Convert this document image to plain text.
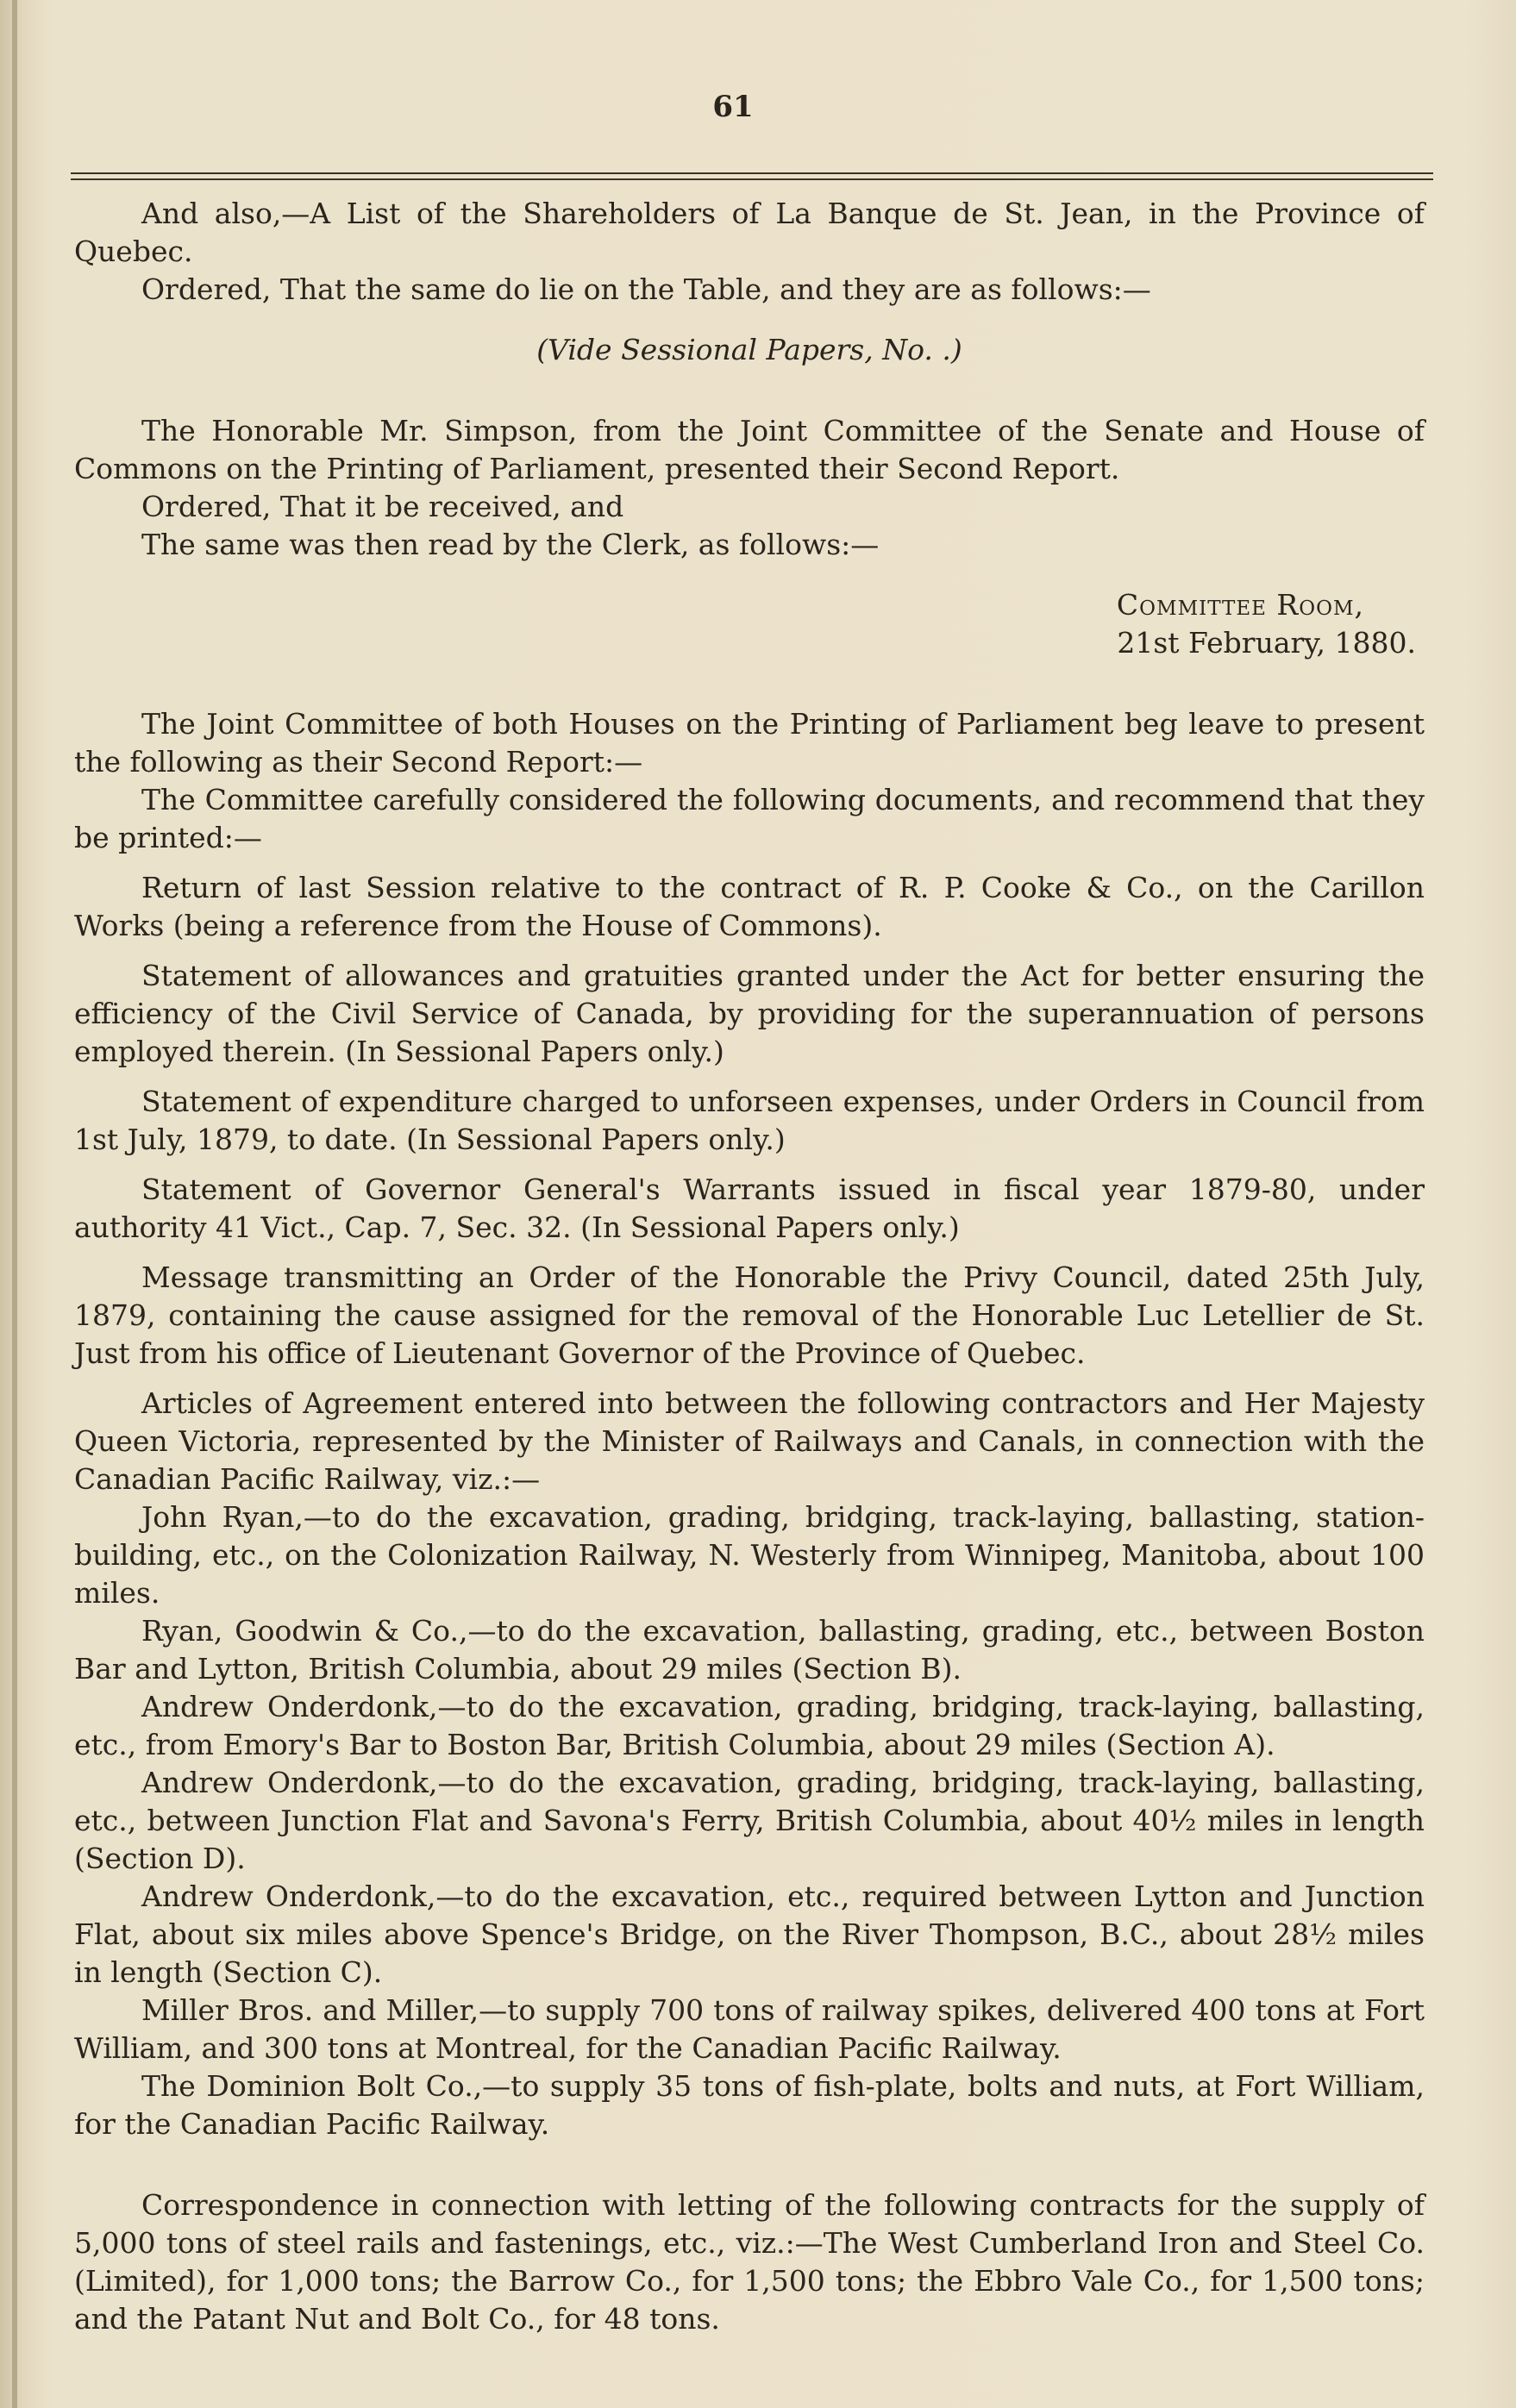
61

And also,—A List of the Shareholders of La Banque de St. Jean, in the Province of Quebec.

Ordered, That the same do lie on the Table, and they are as follows:—

(Vide Sessional Papers, No. .)

The Honorable Mr. Simpson, from the Joint Committee of the Senate and House of Commons on the Printing of Parliament, presented their Second Report.

Ordered, That it be received, and

The same was then read by the Clerk, as follows:—

Committee Room,

21st February, 1880.

The Joint Committee of both Houses on the Printing of Parliament beg leave to present the following as their Second Report:—

The Committee carefully considered the following documents, and recommend that they be printed:—

Return of last Session relative to the contract of R. P. Cooke & Co., on the Carillon Works (being a reference from the House of Commons).

Statement of allowances and gratuities granted under the Act for better ensuring the efficiency of the Civil Service of Canada, by providing for the superannuation of persons employed therein. (In Sessional Papers only.)

Statement of expenditure charged to unforseen expenses, under Orders in Council from 1st July, 1879, to date. (In Sessional Papers only.)

Statement of Governor General's Warrants issued in fiscal year 1879-80, under authority 41 Vict., Cap. 7, Sec. 32. (In Sessional Papers only.)

Message transmitting an Order of the Honorable the Privy Council, dated 25th July, 1879, containing the cause assigned for the removal of the Honorable Luc Letellier de St. Just from his office of Lieutenant Governor of the Province of Quebec.

Articles of Agreement entered into between the following contractors and Her Majesty Queen Victoria, represented by the Minister of Railways and Canals, in connection with the Canadian Pacific Railway, viz.:—

John Ryan,—to do the excavation, grading, bridging, track-laying, ballasting, station-building, etc., on the Colonization Railway, N. Westerly from Winnipeg, Manitoba, about 100 miles.

Ryan, Goodwin & Co.,—to do the excavation, ballasting, grading, etc., between Boston Bar and Lytton, British Columbia, about 29 miles (Section B).

Andrew Onderdonk,—to do the excavation, grading, bridging, track-laying, ballasting, etc., from Emory's Bar to Boston Bar, British Columbia, about 29 miles (Section A).

Andrew Onderdonk,—to do the excavation, grading, bridging, track-laying, ballasting, etc., between Junction Flat and Savona's Ferry, British Columbia, about 40½ miles in length (Section D).

Andrew Onderdonk,—to do the excavation, etc., required between Lytton and Junction Flat, about six miles above Spence's Bridge, on the River Thompson, B.C., about 28½ miles in length (Section C).

Miller Bros. and Miller,—to supply 700 tons of railway spikes, delivered 400 tons at Fort William, and 300 tons at Montreal, for the Canadian Pacific Railway.

The Dominion Bolt Co.,—to supply 35 tons of fish-plate, bolts and nuts, at Fort William, for the Canadian Pacific Railway.

Correspondence in connection with letting of the following contracts for the supply of 5,000 tons of steel rails and fastenings, etc., viz.:—The West Cumberland Iron and Steel Co. (Limited), for 1,000 tons; the Barrow Co., for 1,500 tons; the Ebbro Vale Co., for 1,500 tons; and the Patant Nut and Bolt Co., for 48 tons.
